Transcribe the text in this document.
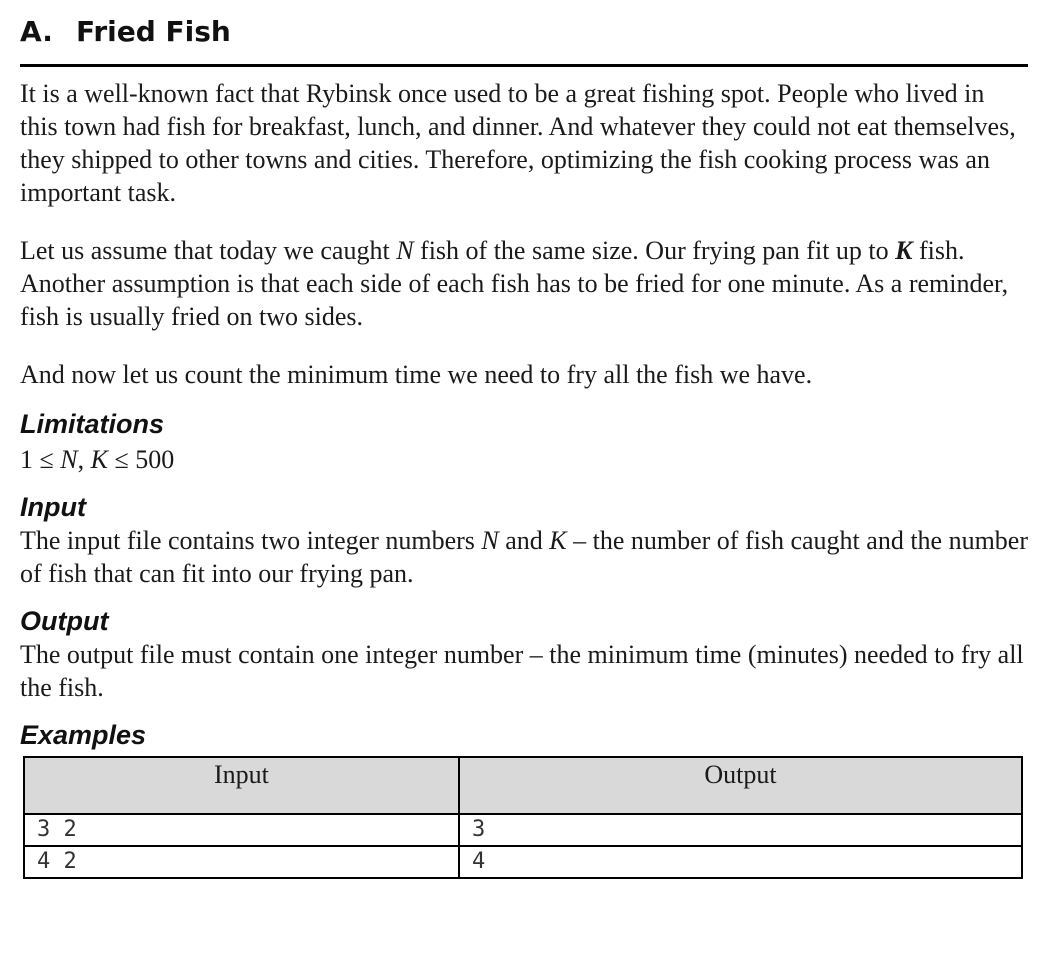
A. Fried Fish

It is a well-known fact that Rybinsk once used to be a great fishing spot. People who lived in this town had fish for breakfast, lunch, and dinner. And whatever they could not eat themselves, they shipped to other towns and cities. Therefore, optimizing the fish cooking process was an important task.

Let us assume that today we caught N fish of the same size. Our frying pan fit up to K fish. Another assumption is that each side of each fish has to be fried for one minute. As a reminder, fish is usually fried on two sides.

And now let us count the minimum time we need to fry all the fish we have.

Limitations

1 ≤ N, K ≤ 500

Input

The input file contains two integer numbers N and K – the number of fish caught and the number of fish that can fit into our frying pan.

Output

The output file must contain one integer number – the minimum time (minutes) needed to fry all the fish.

Examples
Input	Output
3 2	3
4 2	4
